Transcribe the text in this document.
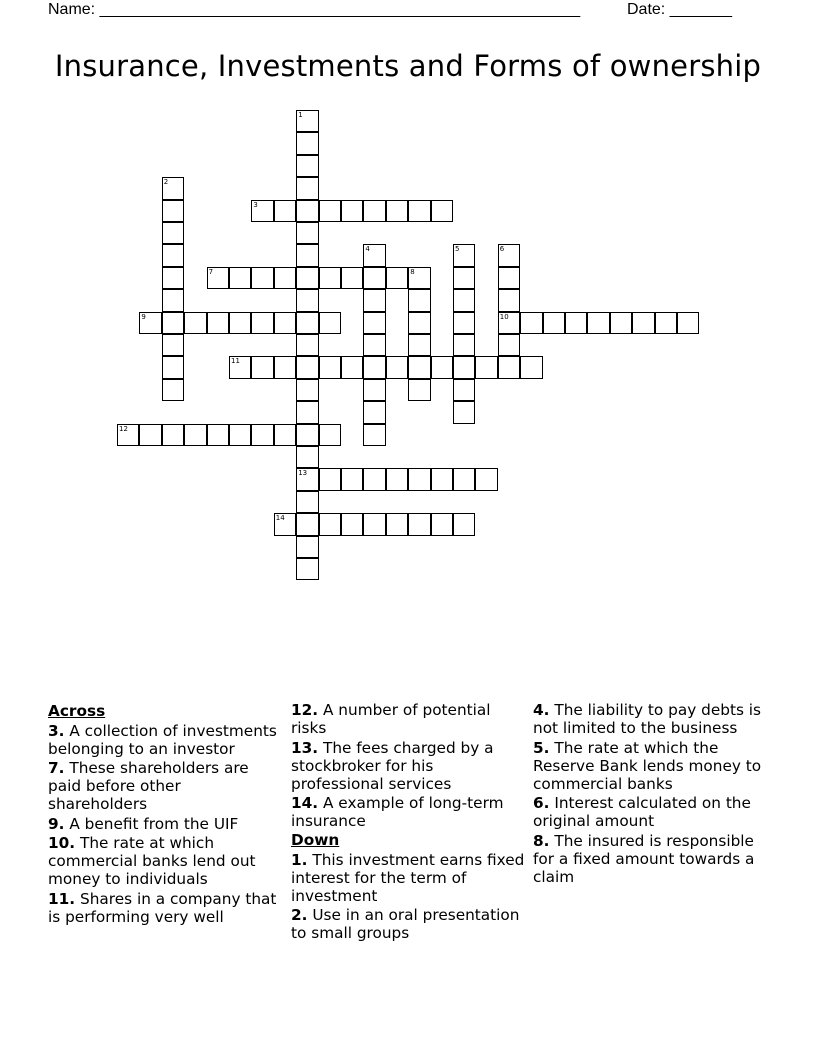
Name: ______________________________________________________	Date: _______
Insurance, Investments and Forms of ownership
1
13
2
3
4	5	6
10
7	8
9
11
12
14
Across
3. A collection of investments belonging to an investor
7. These shareholders are paid before other shareholders
9. A benefit from the UIF
10. The rate at which commercial banks lend out money to individuals
11. Shares in a company that is performing very well
12. A number of potential risks
13. The fees charged by a stockbroker for his professional services
14. A example of long-term insurance
Down
1. This investment earns fixed interest for the term of investment
2. Use in an oral presentation to small groups
4. The liability to pay debts is not limited to the business
5. The rate at which the Reserve Bank lends money to commercial banks
6. Interest calculated on the original amount
8. The insured is responsible for a fixed amount towards a claim
